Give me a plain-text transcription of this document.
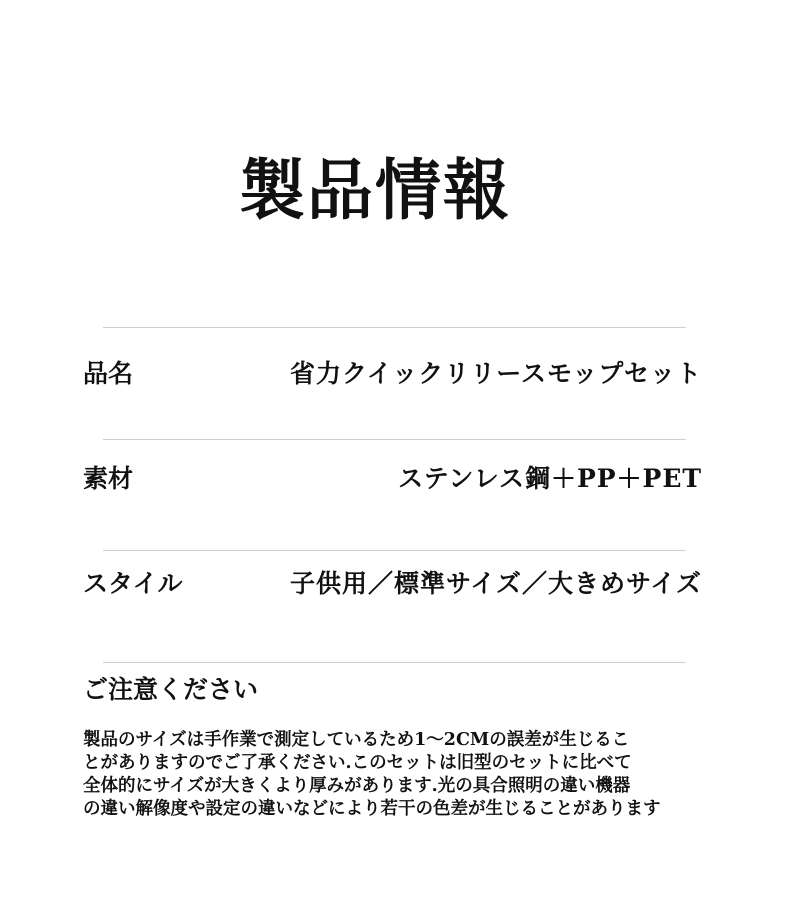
製品情報
品名	省力クイックリリースモップセット
素材	ステンレス鋼＋PP＋PET
スタイル	子供用／標準サイズ／大きめサイズ
ご注意ください
製品のサイズは手作業で測定しているため1～2CMの誤差が生じるこ
とがありますのでご了承ください.このセットは旧型のセットに比べて
全体的にサイズが大きくより厚みがあります.光の具合照明の違い機器
の違い解像度や設定の違いなどにより若干の色差が生じることがあります
